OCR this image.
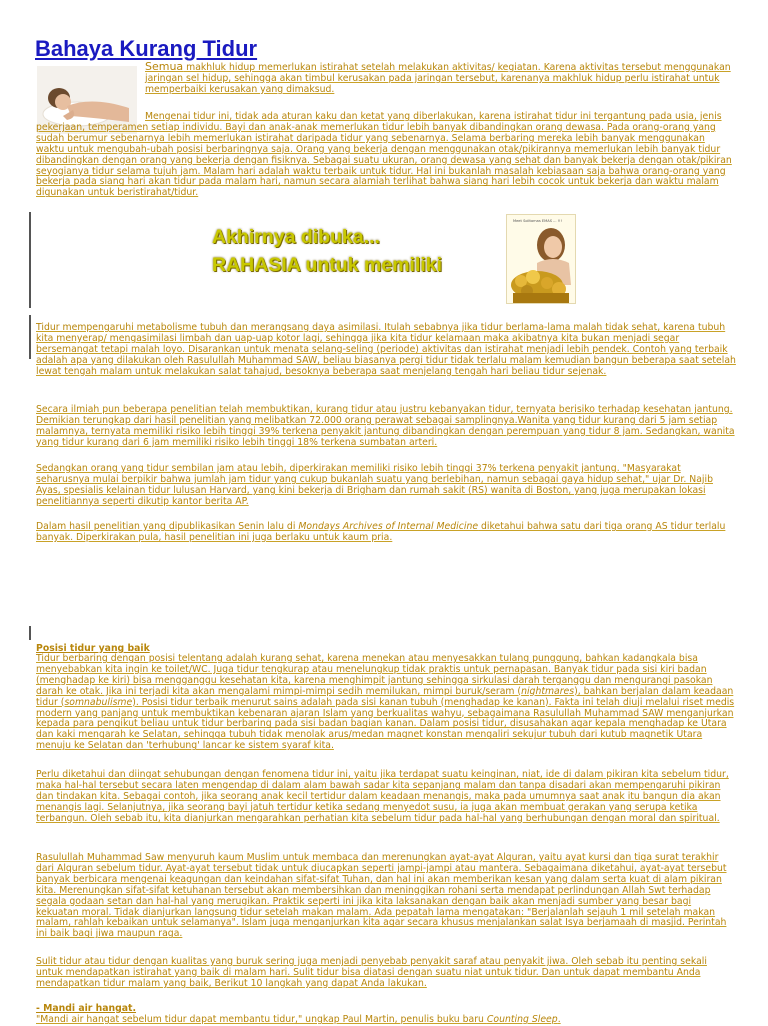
Bahaya Kurang Tidur

Semua makhluk hidup memerlukan istirahat setelah melakukan aktivitas/ kegiatan. Karena aktivitas tersebut menggunakan jaringan sel hidup, sehingga akan timbul kerusakan pada jaringan tersebut, karenanya makhluk hidup perlu istirahat untuk memperbaiki kerusakan yang dimaksud.

Mengenai tidur ini, tidak ada aturan kaku dan ketat yang diberlakukan, karena istirahat tidur ini tergantung pada usia, jenis pekerjaan, temperamen setiap individu. Bayi dan anak-anak memerlukan tidur lebih banyak dibandingkan orang dewasa. Pada orang-orang yang sudah berumur sebenarnya lebih memerlukan istirahat daripada tidur yang sebenarnya. Selama berbaring mereka lebih banyak menggunakan waktu untuk mengubah-ubah posisi berbaringnya saja. Orang yang bekerja dengan menggunakan otak/pikirannya memerlukan lebih banyak tidur dibandingkan dengan orang yang bekerja dengan fisiknya. Sebagai suatu ukuran, orang dewasa yang sehat dan banyak bekerja dengan otak/pikiran seyogianya tidur selama tujuh jam. Malam hari adalah waktu terbaik untuk tidur. Hal ini bukanlah masalah kebiasaan saja bahwa orang-orang yang bekerja pada siang hari akan tidur pada malam hari, namun secara alamiah terlihat bahwa siang hari lebih cocok untuk bekerja dan waktu malam digunakan untuk beristirahat/tidur.

Akhirnya dibuka...

RAHASIA untuk memiliki

Meet Solitomas EMAS ... !!!

Tidur mempengaruhi metabolisme tubuh dan merangsang daya asimilasi. Itulah sebabnya jika tidur berlama-lama malah tidak sehat, karena tubuh kita menyerap/ mengasimilasi limbah dan uap-uap kotor lagi, sehingga jika kita tidur kelamaan maka akibatnya kita bukan menjadi segar bersemangat tetapi malah loyo. Disarankan untuk menata selang-seling (periode) aktivitas dan istirahat menjadi lebih pendek. Contoh yang terbaik adalah apa yang dilakukan oleh Rasulullah Muhammad SAW, beliau biasanya pergi tidur tidak terlalu malam kemudian bangun beberapa saat setelah lewat tengah malam untuk melakukan salat tahajud, besoknya beberapa saat menjelang tengah hari beliau tidur sejenak.

Secara ilmiah pun beberapa penelitian telah membuktikan, kurang tidur atau justru kebanyakan tidur, ternyata berisiko terhadap kesehatan jantung. Demikian terungkap dari hasil penelitian yang melibatkan 72.000 orang perawat sebagai samplingnya.Wanita yang tidur kurang dari 5 jam setiap malamnya, ternyata memiliki risiko lebih tinggi 39% terkena penyakit jantung dibandingkan dengan perempuan yang tidur 8 jam. Sedangkan, wanita yang tidur kurang dari 6 jam memiliki risiko lebih tinggi 18% terkena sumbatan arteri.

Sedangkan orang yang tidur sembilan jam atau lebih, diperkirakan memiliki risiko lebih tinggi 37% terkena penyakit jantung. "Masyarakat seharusnya mulai berpikir bahwa jumlah jam tidur yang cukup bukanlah suatu yang berlebihan, namun sebagai gaya hidup sehat," ujar Dr. Najib Ayas, spesialis kelainan tidur lulusan Harvard, yang kini bekerja di Brigham dan rumah sakit (RS) wanita di Boston, yang juga merupakan lokasi penelitiannya seperti dikutip kantor berita AP.

Dalam hasil penelitian yang dipublikasikan Senin lalu di Mondays Archives of Internal Medicine diketahui bahwa satu dari tiga orang AS tidur terlalu banyak. Diperkirakan pula, hasil penelitian ini juga berlaku untuk kaum pria.

Posisi tidur yang baik

Tidur berbaring dengan posisi telentang adalah kurang sehat, karena menekan atau menyesakkan tulang punggung, bahkan kadangkala bisa menyebabkan kita ingin ke toilet/WC. Juga tidur tengkurap atau menelungkup tidak praktis untuk pernapasan. Banyak tidur pada sisi kiri badan (menghadap ke kiri) bisa mengganggu kesehatan kita, karena menghimpit jantung sehingga sirkulasi darah terganggu dan mengurangi pasokan darah ke otak. Jika ini terjadi kita akan mengalami mimpi-mimpi sedih memilukan, mimpi buruk/seram (nightmares), bahkan berjalan dalam keadaan tidur (somnabulisme). Posisi tidur terbaik menurut sains adalah pada sisi kanan tubuh (menghadap ke kanan). Fakta ini telah diuji melalui riset medis modern yang panjang untuk membuktikan kebenaran ajaran Islam yang berkualitas wahyu, sebagaimana Rasulullah Muhammad SAW menganjurkan kepada para pengikut beliau untuk tidur berbaring pada sisi badan bagian kanan. Dalam posisi tidur, disusahakan agar kepala menghadap ke Utara dan kaki mengarah ke Selatan, sehingga tubuh tidak menolak arus/medan magnet konstan mengaliri sekujur tubuh dari kutub magnetik Utara menuju ke Selatan dan 'terhubung' lancar ke sistem syaraf kita.

Perlu diketahui dan diingat sehubungan dengan fenomena tidur ini, yaitu jika terdapat suatu keinginan, niat, ide di dalam pikiran kita sebelum tidur, maka hal-hal tersebut secara laten mengendap di dalam alam bawah sadar kita sepanjang malam dan tanpa disadari akan mempengaruhi pikiran dan tindakan kita. Sebagai contoh, jika seorang anak kecil tertidur dalam keadaan menangis, maka pada umumnya saat anak itu bangun dia akan menangis lagi. Selanjutnya, jika seorang bayi jatuh tertidur ketika sedang menyedot susu, ia juga akan membuat gerakan yang serupa ketika terbangun. Oleh sebab itu, kita dianjurkan mengarahkan perhatian kita sebelum tidur pada hal-hal yang berhubungan dengan moral dan spiritual.

Rasulullah Muhammad Saw menyuruh kaum Muslim untuk membaca dan merenungkan ayat-ayat Alquran, yaitu ayat kursi dan tiga surat terakhir dari Alquran sebelum tidur. Ayat-ayat tersebut tidak untuk diucapkan seperti jampi-jampi atau mantera. Sebagaimana diketahui, ayat-ayat tersebut banyak berbicara mengenai keagungan dan keindahan sifat-sifat Tuhan, dan hal ini akan memberikan kesan yang dalam serta kuat di alam pikiran kita. Merenungkan sifat-sifat ketuhanan tersebut akan membersihkan dan meninggikan rohani serta mendapat perlindungan Allah Swt terhadap segala godaan setan dan hal-hal yang merugikan. Praktik seperti ini jika kita laksanakan dengan baik akan menjadi sumber yang besar bagi kekuatan moral. Tidak dianjurkan langsung tidur setelah makan malam. Ada pepatah lama mengatakan: "Berjalanlah sejauh 1 mil setelah makan malam, rahlah kebaikan untuk selamanya". Islam juga menganjurkan kita agar secara khusus menjalankan salat Isya berjamaah di masjid. Perintah ini baik bagi jiwa maupun raga.

Sulit tidur atau tidur dengan kualitas yang buruk sering juga menjadi penyebab penyakit saraf atau penyakit jiwa. Oleh sebab itu penting sekali untuk mendapatkan istirahat yang baik di malam hari. Sulit tidur bisa diatasi dengan suatu niat untuk tidur. Dan untuk dapat membantu Anda mendapatkan tidur malam yang baik, Berikut 10 langkah yang dapat Anda lakukan.

- Mandi air hangat.

"Mandi air hangat sebelum tidur dapat membantu tidur," ungkap Paul Martin, penulis buku baru Counting Sleep.
